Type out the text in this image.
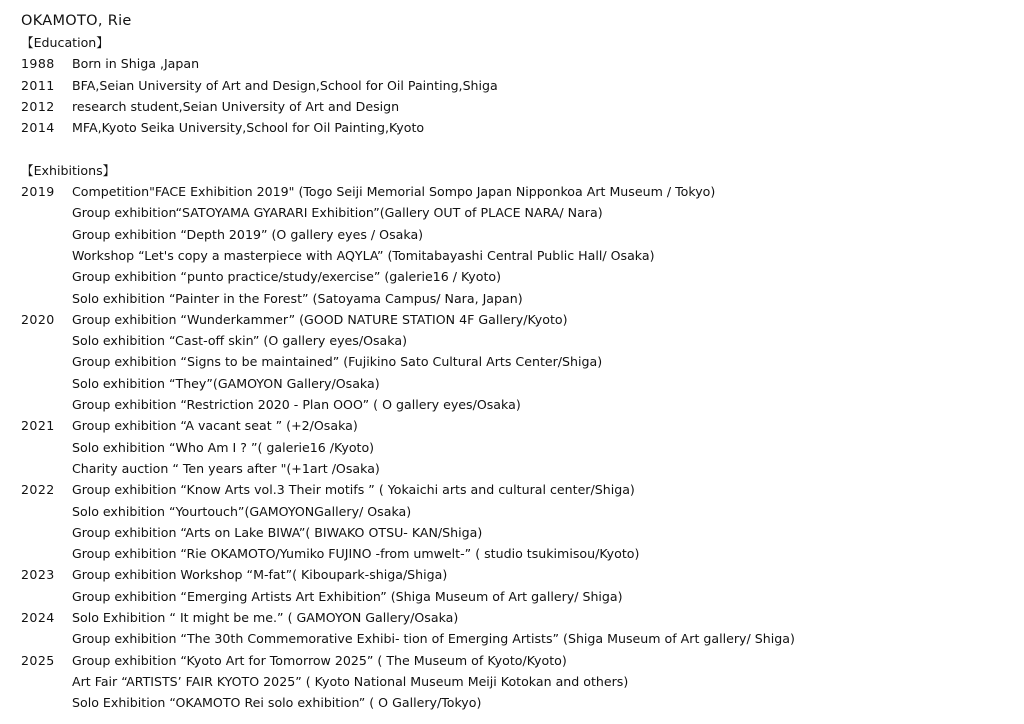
OKAMOTO, Rie
【Education】
1988	Born in Shiga ,Japan
2011	BFA,Seian University of Art and Design,School for Oil Painting,Shiga
2012	research student,Seian University of Art and Design
2014	MFA,Kyoto Seika University,School for Oil Painting,Kyoto
【Exhibitions】
2019	Competition"FACE Exhibition 2019" (Togo Seiji Memorial Sompo Japan Nipponkoa Art Museum / Tokyo)
Group exhibition“SATOYAMA GYARARI Exhibition”(Gallery OUT of PLACE NARA/ Nara)
Group exhibition “Depth 2019” (O gallery eyes / Osaka)
Workshop “Let's copy a masterpiece with AQYLA” (Tomitabayashi Central Public Hall/ Osaka)
Group exhibition “punto practice/study/exercise” (galerie16 / Kyoto)
Solo exhibition “Painter in the Forest” (Satoyama Campus/ Nara, Japan)
2020	Group exhibition “Wunderkammer” (GOOD NATURE STATION 4F Gallery/Kyoto)
Solo exhibition “Cast-off skin” (O gallery eyes/Osaka)
Group exhibition “Signs to be maintained” (Fujikino Sato Cultural Arts Center/Shiga)
Solo exhibition “They”(GAMOYON Gallery/Osaka)
Group exhibition “Restriction 2020 - Plan OOO” ( O gallery eyes/Osaka)
2021	Group exhibition “A vacant seat ” (+2/Osaka)
Solo exhibition “Who Am I ? ”( galerie16 /Kyoto)
Charity auction “ Ten years after "(+1art /Osaka)
2022	Group exhibition “Know Arts vol.3 Their motifs ” ( Yokaichi arts and cultural center/Shiga)
Solo exhibition “Yourtouch”(GAMOYONGallery/ Osaka)
Group exhibition “Arts on Lake BIWA”( BIWAKO OTSU- KAN/Shiga)
Group exhibition “Rie OKAMOTO/Yumiko FUJINO -from umwelt-” ( studio tsukimisou/Kyoto)
2023	Group exhibition Workshop “M-fat”( Kiboupark-shiga/Shiga)
Group exhibition “Emerging Artists Art Exhibition” (Shiga Museum of Art gallery/ Shiga)
2024	Solo Exhibition “ It might be me.” ( GAMOYON Gallery/Osaka)
Group exhibition “The 30th Commemorative Exhibi- tion of Emerging Artists” (Shiga Museum of Art gallery/ Shiga)
2025	Group exhibition “Kyoto Art for Tomorrow 2025” ( The Museum of Kyoto/Kyoto)
Art Fair “ARTISTS’ FAIR KYOTO 2025” ( Kyoto National Museum Meiji Kotokan and others)
Solo Exhibition “OKAMOTO Rei solo exhibition” ( O Gallery/Tokyo)
